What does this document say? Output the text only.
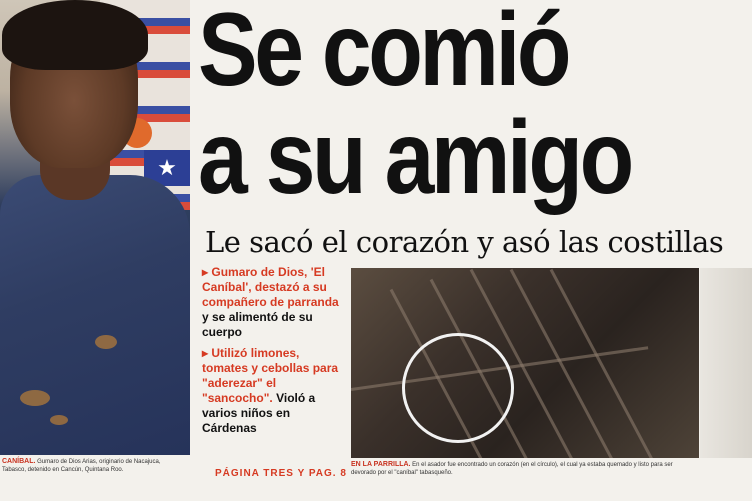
★
CANÍBAL. Gumaro de Dios Arias, originario de Nacajuca, Tabasco, detenido en Cancún, Quintana Roo.
Se comió
a su amigo
Le sacó el corazón y asó las costillas
▸ Gumaro de Dios, 'El Caníbal', destazó a su compañero de parranda y se alimentó de su cuerpo
▸ Utilizó limones, tomates y cebollas para "aderezar" el "sancocho". Violó a varios niños en Cárdenas
EN LA PARRILLA. En el asador fue encontrado un corazón (en el círculo), el cual ya estaba quemado y listo para ser devorado por el "caníbal" tabasqueño.
PÁGINA TRES Y PAG. 8
